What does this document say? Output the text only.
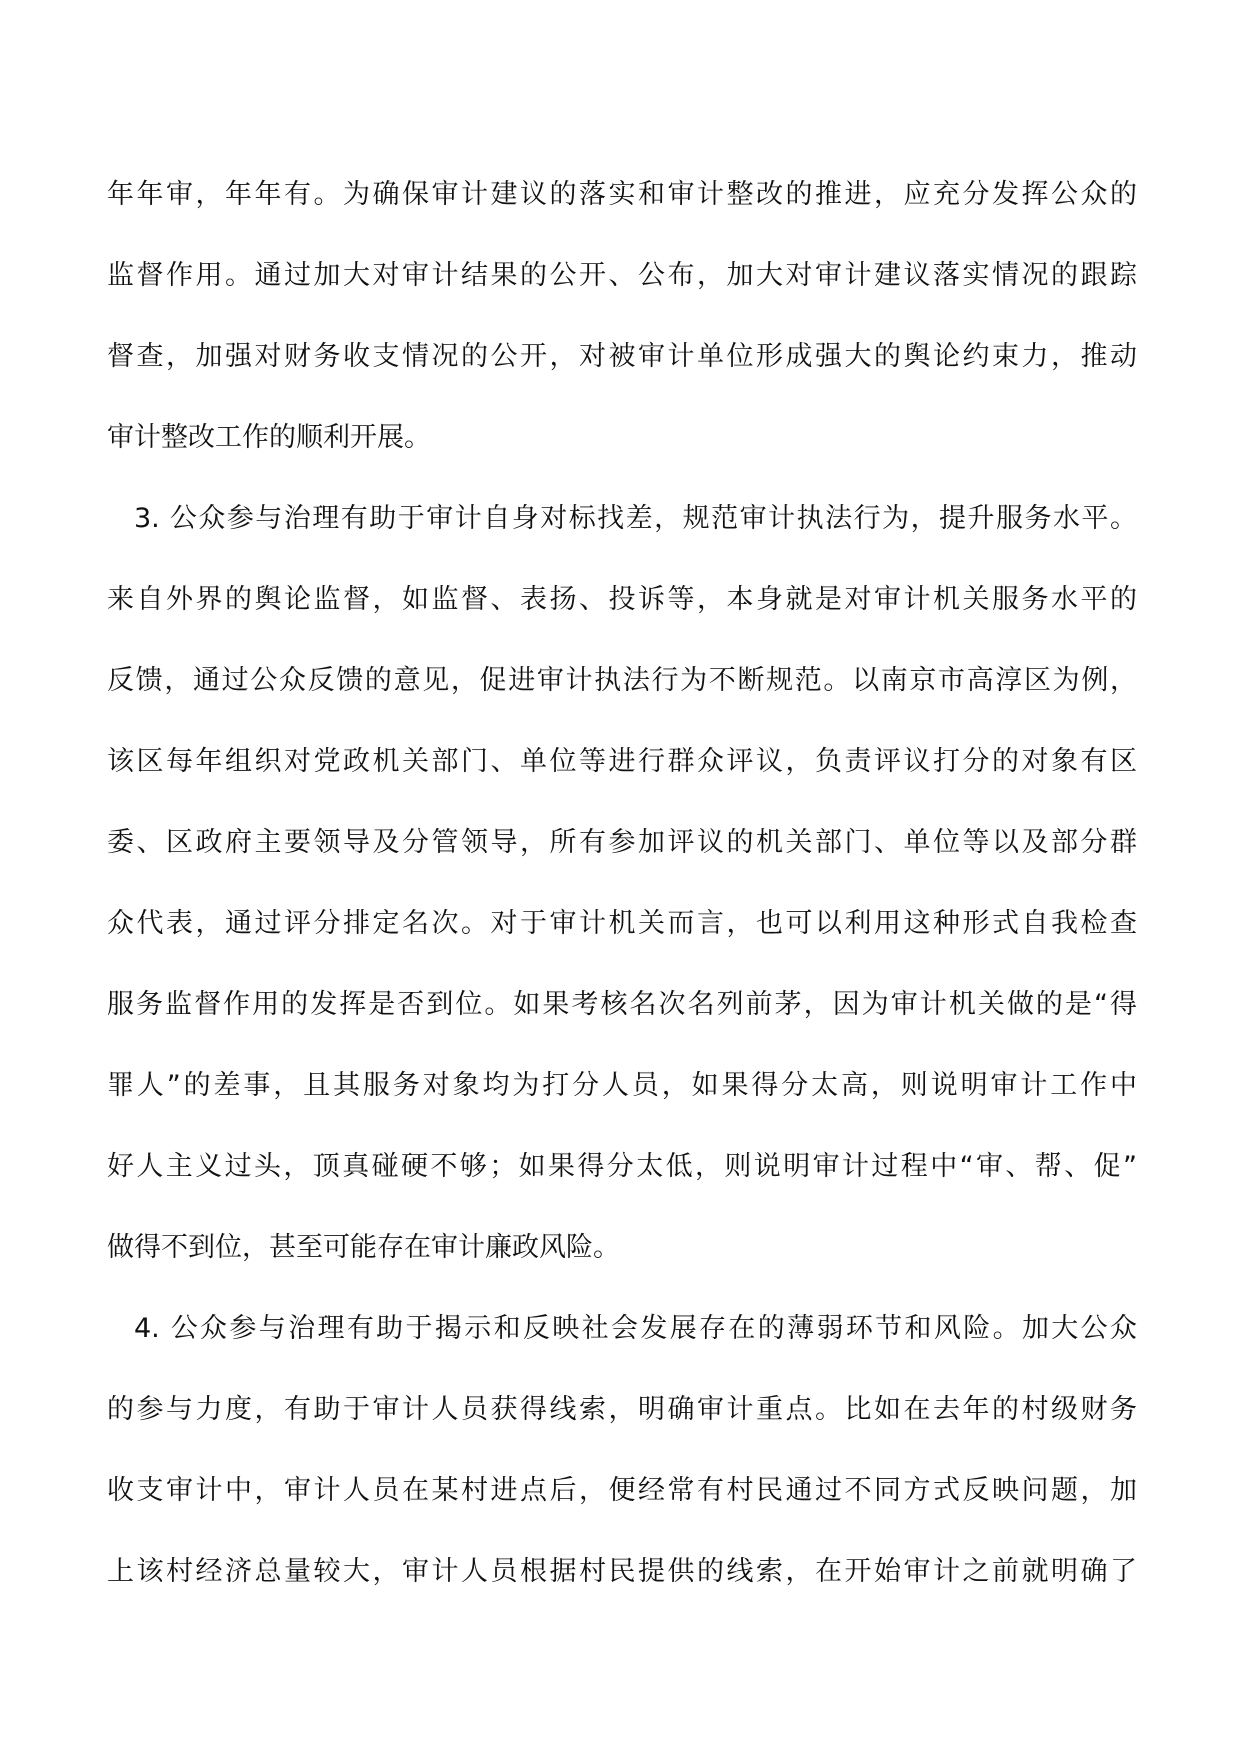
年年审，年年有。为确保审计建议的落实和审计整改的推进，应充分发挥公众的
监督作用。通过加大对审计结果的公开、公布，加大对审计建议落实情况的跟踪
督查，加强对财务收支情况的公开，对被审计单位形成强大的舆论约束力，推动
审计整改工作的顺利开展。
3. 公众参与治理有助于审计自身对标找差，规范审计执法行为，提升服务水平。
来自外界的舆论监督，如监督、表扬、投诉等，本身就是对审计机关服务水平的
反馈，通过公众反馈的意见，促进审计执法行为不断规范。以南京市高淳区为例，
该区每年组织对党政机关部门、单位等进行群众评议，负责评议打分的对象有区
委、区政府主要领导及分管领导，所有参加评议的机关部门、单位等以及部分群
众代表，通过评分排定名次。对于审计机关而言，也可以利用这种形式自我检查
服务监督作用的发挥是否到位。如果考核名次名列前茅，因为审计机关做的是“得
罪人”的差事，且其服务对象均为打分人员，如果得分太高，则说明审计工作中
好人主义过头，顶真碰硬不够；如果得分太低，则说明审计过程中“审、帮、促”
做得不到位，甚至可能存在审计廉政风险。
4. 公众参与治理有助于揭示和反映社会发展存在的薄弱环节和风险。加大公众
的参与力度，有助于审计人员获得线索，明确审计重点。比如在去年的村级财务
收支审计中，审计人员在某村进点后，便经常有村民通过不同方式反映问题，加
上该村经济总量较大，审计人员根据村民提供的线索，在开始审计之前就明确了
